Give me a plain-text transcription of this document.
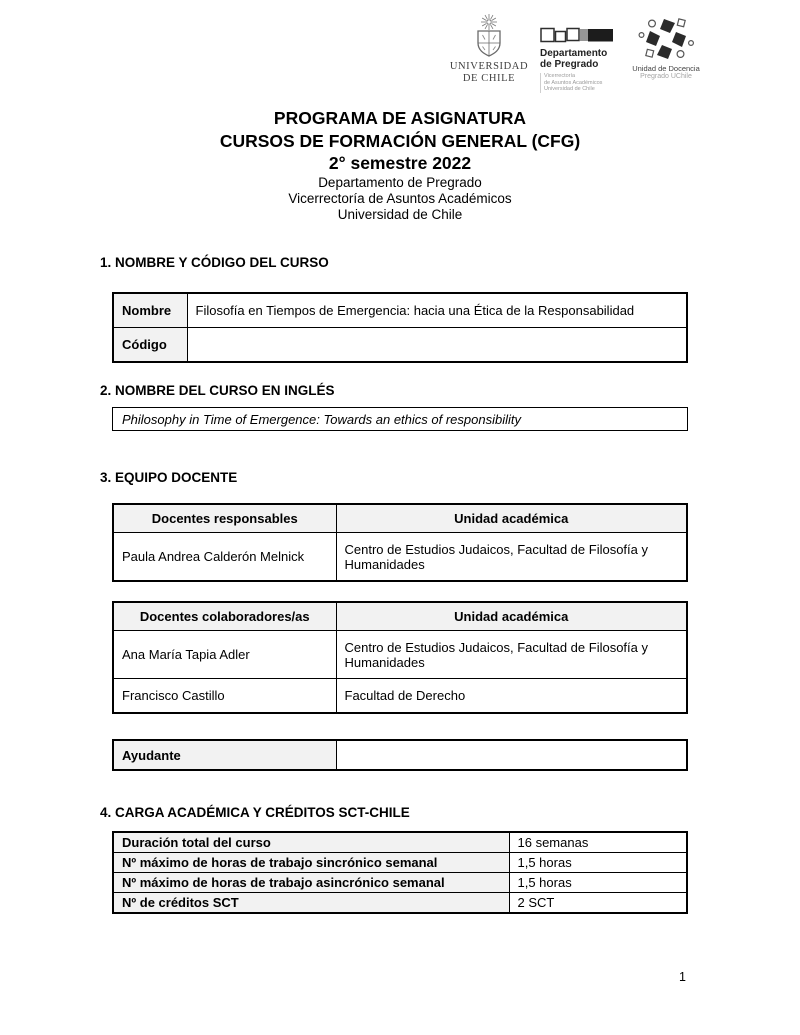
UNIVERSIDAD
DE CHILE
Departamento
de Pregrado
Vicerrectoría
de Asuntos Académicos
Universidad de Chile
Unidad de Docencia
Pregrado UChile
PROGRAMA DE ASIGNATURA
CURSOS DE FORMACIÓN GENERAL (CFG)
2° semestre 2022
Departamento de Pregrado
Vicerrectoría de Asuntos Académicos
Universidad de Chile
1. NOMBRE Y CÓDIGO DEL CURSO
Nombre	Filosofía en Tiempos de Emergencia: hacia una Ética de la Responsabilidad
Código	
2. NOMBRE DEL CURSO EN INGLÉS
Philosophy in Time of Emergence: Towards an ethics of responsibility
3. EQUIPO DOCENTE
Docentes responsables	Unidad académica
Paula Andrea Calderón Melnick	Centro de Estudios Judaicos, Facultad de Filosofía y Humanidades
Docentes colaboradores/as	Unidad académica
Ana María Tapia Adler	Centro de Estudios Judaicos, Facultad de Filosofía y Humanidades
Francisco Castillo	Facultad de Derecho
Ayudante	
4. CARGA ACADÉMICA Y CRÉDITOS SCT-CHILE
Duración total del curso	16 semanas
Nº máximo de horas de trabajo sincrónico semanal	1,5 horas
Nº máximo de horas de trabajo asincrónico semanal	1,5 horas
Nº de créditos SCT	2 SCT
1
